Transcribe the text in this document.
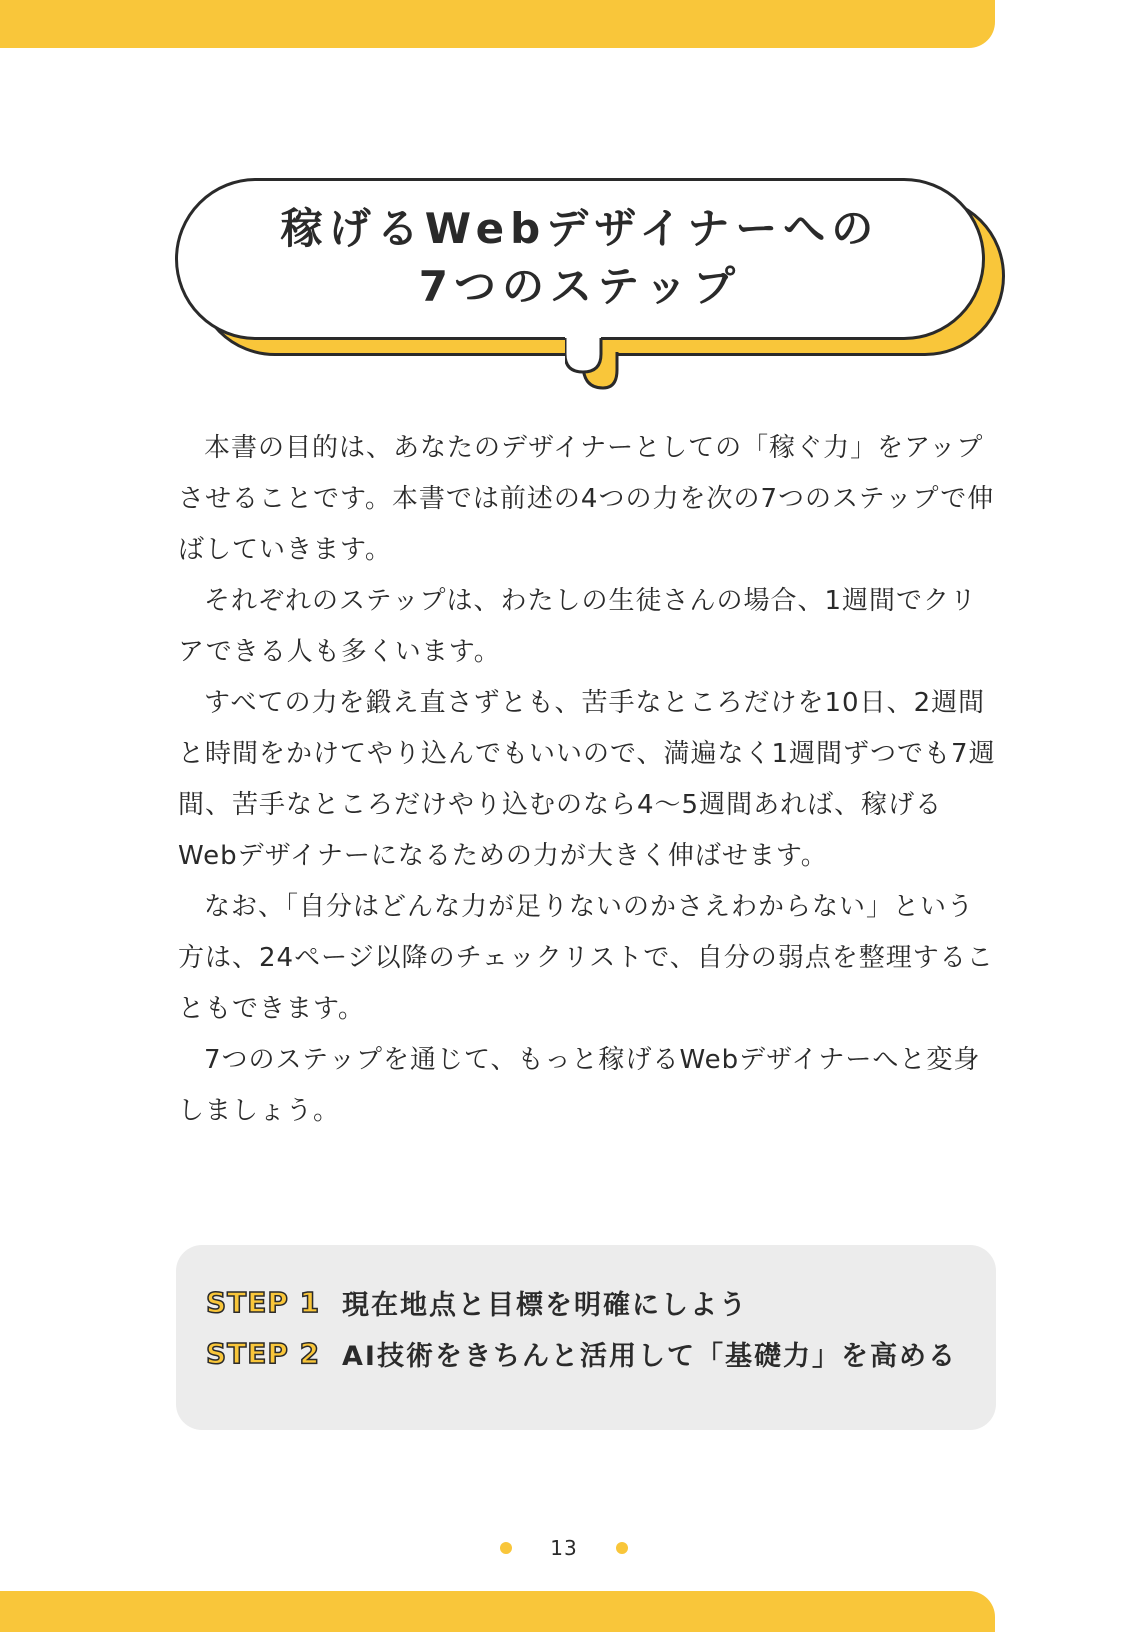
稼げるWebデザイナーへの
7つのステップ

本書の目的は、あなたのデザイナーとしての「稼ぐ力」をアップさせることです。本書では前述の4つの力を次の7つのステップで伸ばしていきます。

それぞれのステップは、わたしの生徒さんの場合、1週間でクリアできる人も多くいます。

すべての力を鍛え直さずとも、苦手なところだけを10日、2週間と時間をかけてやり込んでもいいので、満遍なく1週間ずつでも7週間、苦手なところだけやり込むのなら4〜5週間あれば、稼げるWebデザイナーになるための力が大きく伸ばせます。

なお、「自分はどんな力が足りないのかさえわからない」という方は、24ページ以降のチェックリストで、自分の弱点を整理することもできます。

7つのステップを通じて、もっと稼げるWebデザイナーへと変身しましょう。

STEP 1 現在地点と目標を明確にしよう
STEP 2 AI技術をきちんと活用して「基礎力」を高める
13
